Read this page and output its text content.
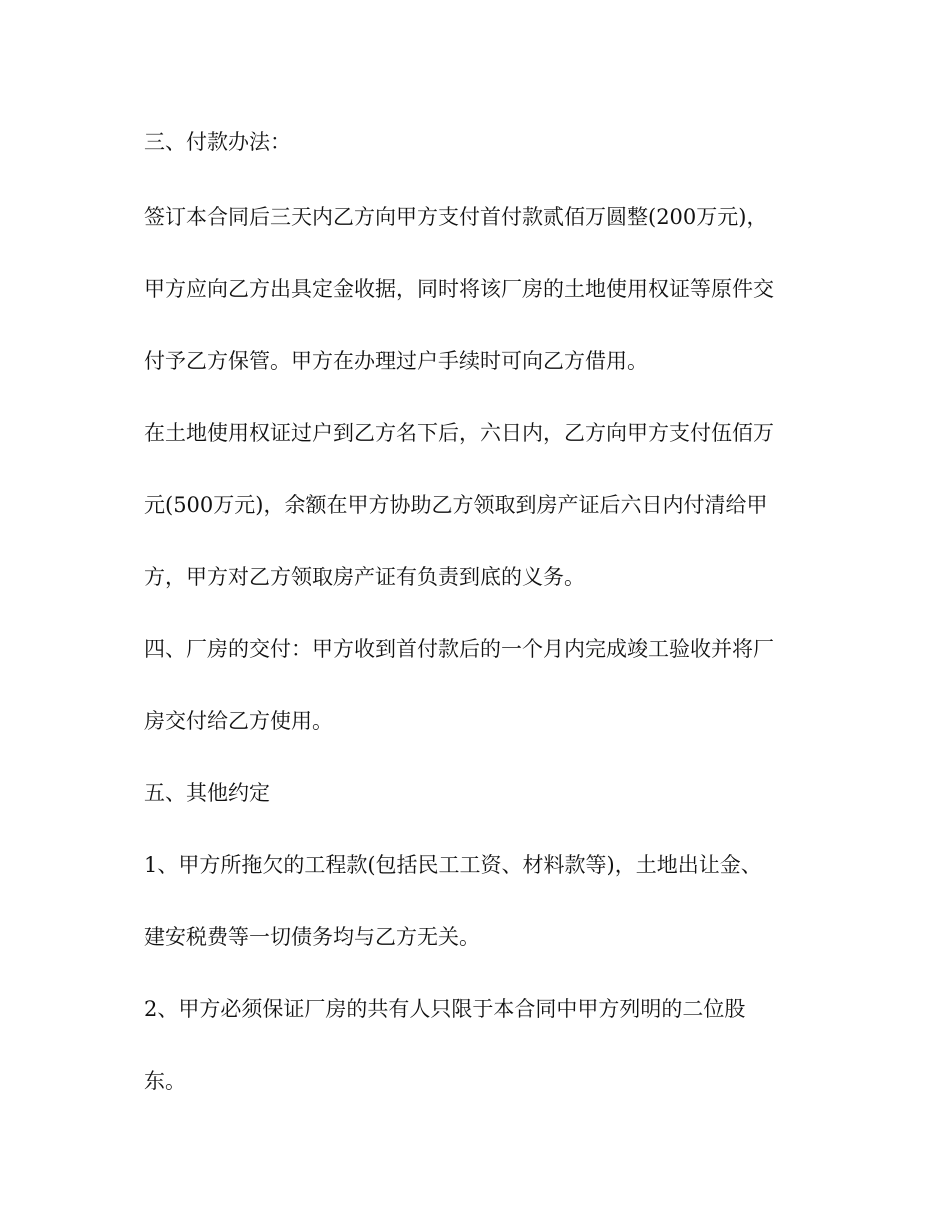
三、付款办法：
签订本合同后三天内乙方向甲方支付首付款贰佰万圆整(200万元)，
甲方应向乙方出具定金收据，同时将该厂房的土地使用权证等原件交
付予乙方保管。甲方在办理过户手续时可向乙方借用。
在土地使用权证过户到乙方名下后，六日内，乙方向甲方支付伍佰万
元(500万元)，余额在甲方协助乙方领取到房产证后六日内付清给甲
方，甲方对乙方领取房产证有负责到底的义务。
四、厂房的交付：甲方收到首付款后的一个月内完成竣工验收并将厂
房交付给乙方使用。
五、其他约定
1、甲方所拖欠的工程款(包括民工工资、材料款等)，土地出让金、
建安税费等一切债务均与乙方无关。
2、甲方必须保证厂房的共有人只限于本合同中甲方列明的二位股
东。
